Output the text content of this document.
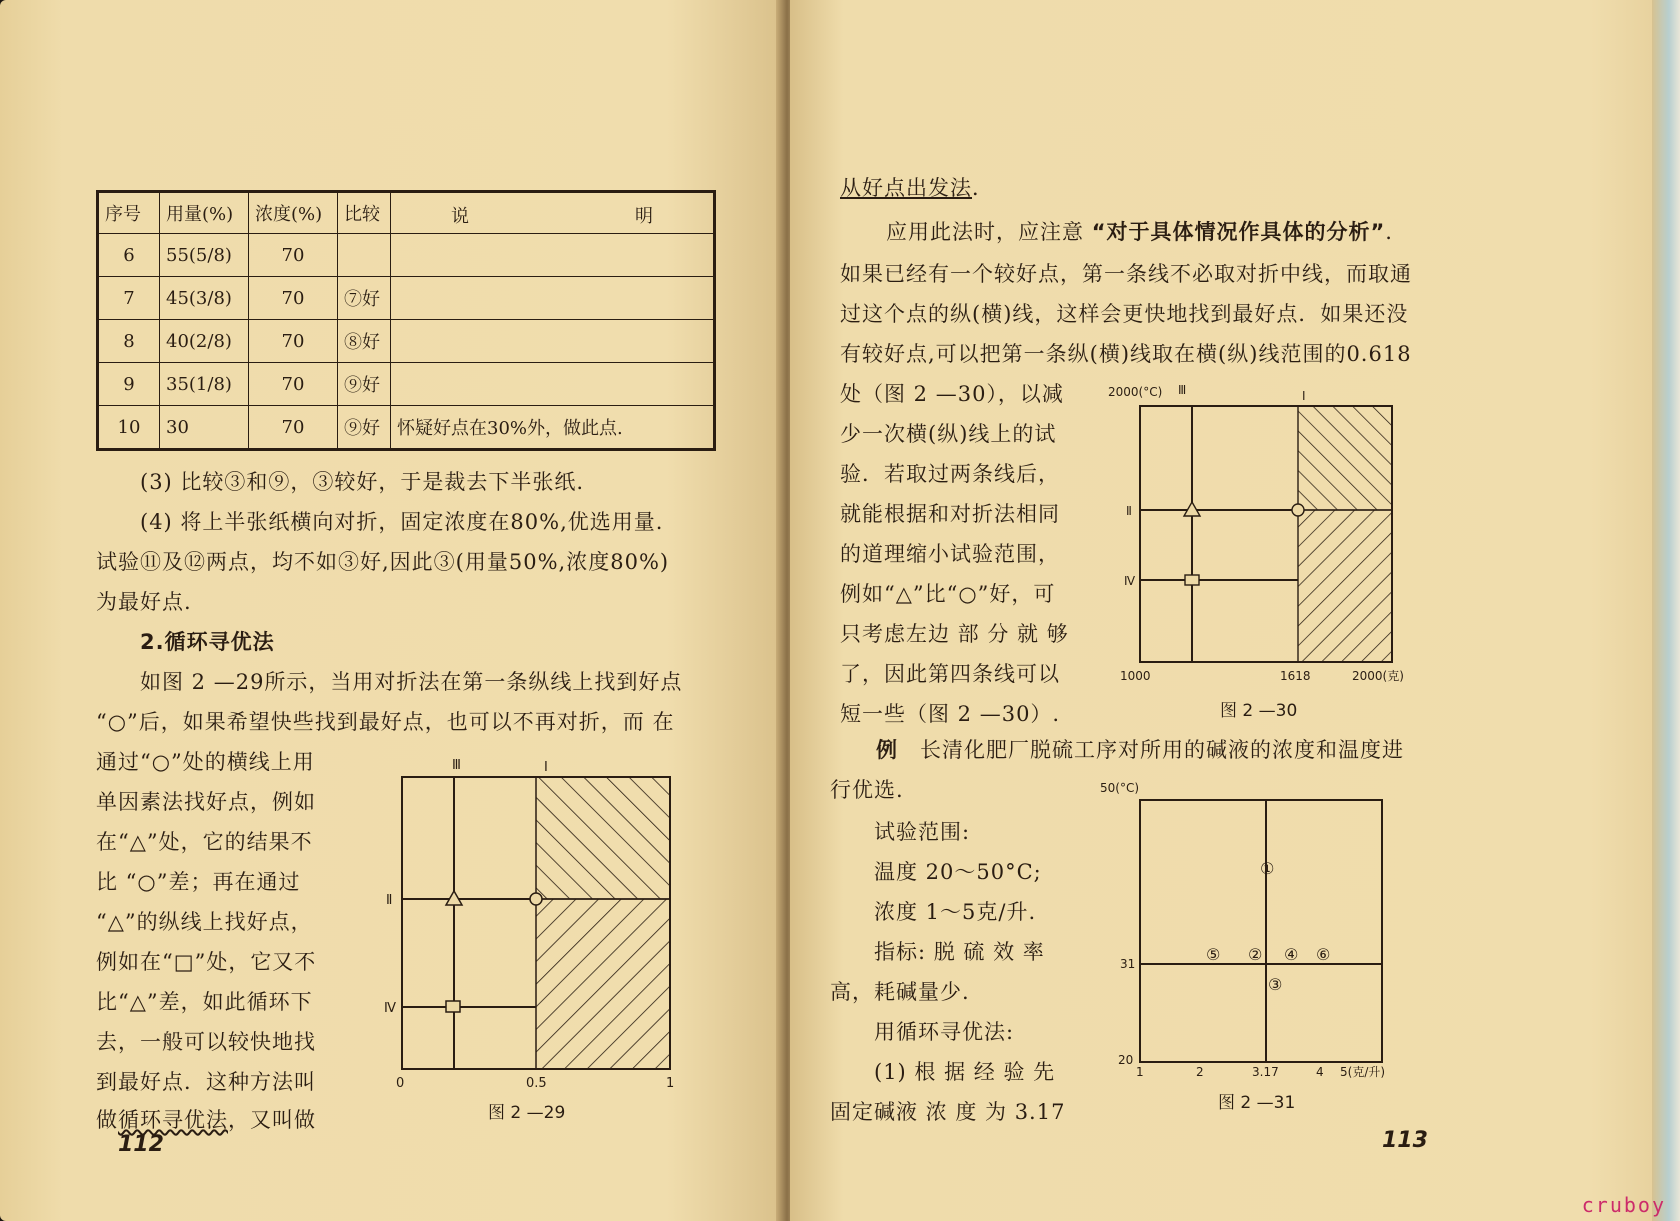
序号	用量(%)	浓度(%)	比较	说 明

6	55(5/8)	70		
7	45(3/8)	70	⑦好	
8	40(2/8)	70	⑧好	
9	35(1/8)	70	⑨好	
10	30	70	⑨好	怀疑好点在30%外，做此点.
(3) 比较③和⑨，③较好，于是裁去下半张纸.
(4) 将上半张纸横向对折，固定浓度在80%,优选用量.
试验⑪及⑫两点，均不如③好,因此③(用量50%,浓度80%)
为最好点.
2.循环寻优法
如图 2 —29所示，当用对折法在第一条纵线上找到好点
“○”后，如果希望快些找到最好点，也可以不再对折，而 在
通过“○”处的横线上用
单因素法找好点，例如
在“△”处，它的结果不
比 “○”差；再在通过
“△”的纵线上找好点，
例如在“□”处，它又不
比“△”差，如此循环下
去，一般可以较快地找
到最好点．这种方法叫
做循环寻优法，又叫做
Ⅲ	Ⅰ
Ⅱ
Ⅳ
0	0.5	1
图 2 —29
112
从好点出发法．
应用此法时，应注意 “对于具体情况作具体的分析”.
如果已经有一个较好点，第一条线不必取对折中线，而取通
过这个点的纵(横)线，这样会更快地找到最好点．如果还没
有较好点,可以把第一条纵(横)线取在横(纵)线范围的0.618
处（图 2 —30），以减
少一次横(纵)线上的试
验．若取过两条线后，
就能根据和对折法相同
的道理缩小试验范围，
例如“△”比“○”好，可
只考虑左边 部 分 就 够
了，因此第四条线可以
短一些（图 2 —30）.
2000(°C) Ⅲ	Ⅰ
Ⅱ
Ⅳ
1000	1618	2000(克)
图 2 —30
例 长清化肥厂脱硫工序对所用的碱液的浓度和温度进
行优选.
试验范围:
温度 20～50°C;
浓度 1～5克/升.
指标: 脱 硫 效 率
高，耗碱量少.
用循环寻优法:
(1) 根 据 经 验 先
固定碱液 浓 度 为 3.17
50(°C)
①
②
③
④
⑤	⑥
31
20
1	2	3.17	4 5(克/升)
图 2 —31
113
cruboy
